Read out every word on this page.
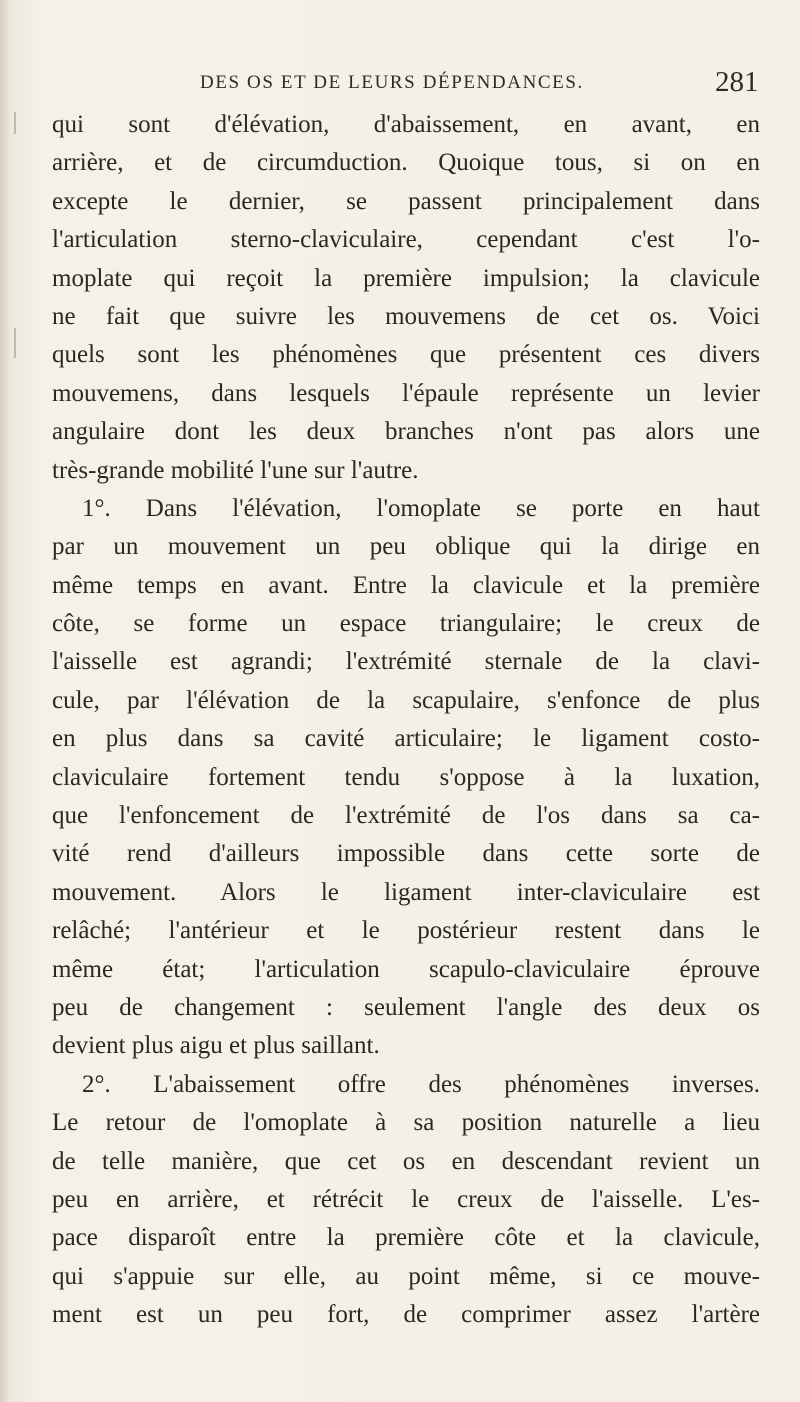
DES OS ET DE LEURS DÉPENDANCES.	281
qui sont d'élévation, d'abaissement, en avant, en
arrière, et de circumduction. Quoique tous, si on en
excepte le dernier, se passent principalement dans
l'articulation sterno-claviculaire, cependant c'est l'o-
moplate qui reçoit la première impulsion; la clavicule
ne fait que suivre les mouvemens de cet os. Voici
quels sont les phénomènes que présentent ces divers
mouvemens, dans lesquels l'épaule représente un levier
angulaire dont les deux branches n'ont pas alors une
très-grande mobilité l'une sur l'autre.
1°. Dans l'élévation, l'omoplate se porte en haut
par un mouvement un peu oblique qui la dirige en
même temps en avant. Entre la clavicule et la première
côte, se forme un espace triangulaire; le creux de
l'aisselle est agrandi; l'extrémité sternale de la clavi-
cule, par l'élévation de la scapulaire, s'enfonce de plus
en plus dans sa cavité articulaire; le ligament costo-
claviculaire fortement tendu s'oppose à la luxation,
que l'enfoncement de l'extrémité de l'os dans sa ca-
vité rend d'ailleurs impossible dans cette sorte de
mouvement. Alors le ligament inter-claviculaire est
relâché; l'antérieur et le postérieur restent dans le
même état; l'articulation scapulo-claviculaire éprouve
peu de changement : seulement l'angle des deux os
devient plus aigu et plus saillant.
2°. L'abaissement offre des phénomènes inverses.
Le retour de l'omoplate à sa position naturelle a lieu
de telle manière, que cet os en descendant revient un
peu en arrière, et rétrécit le creux de l'aisselle. L'es-
pace disparoît entre la première côte et la clavicule,
qui s'appuie sur elle, au point même, si ce mouve-
ment est un peu fort, de comprimer assez l'artère
